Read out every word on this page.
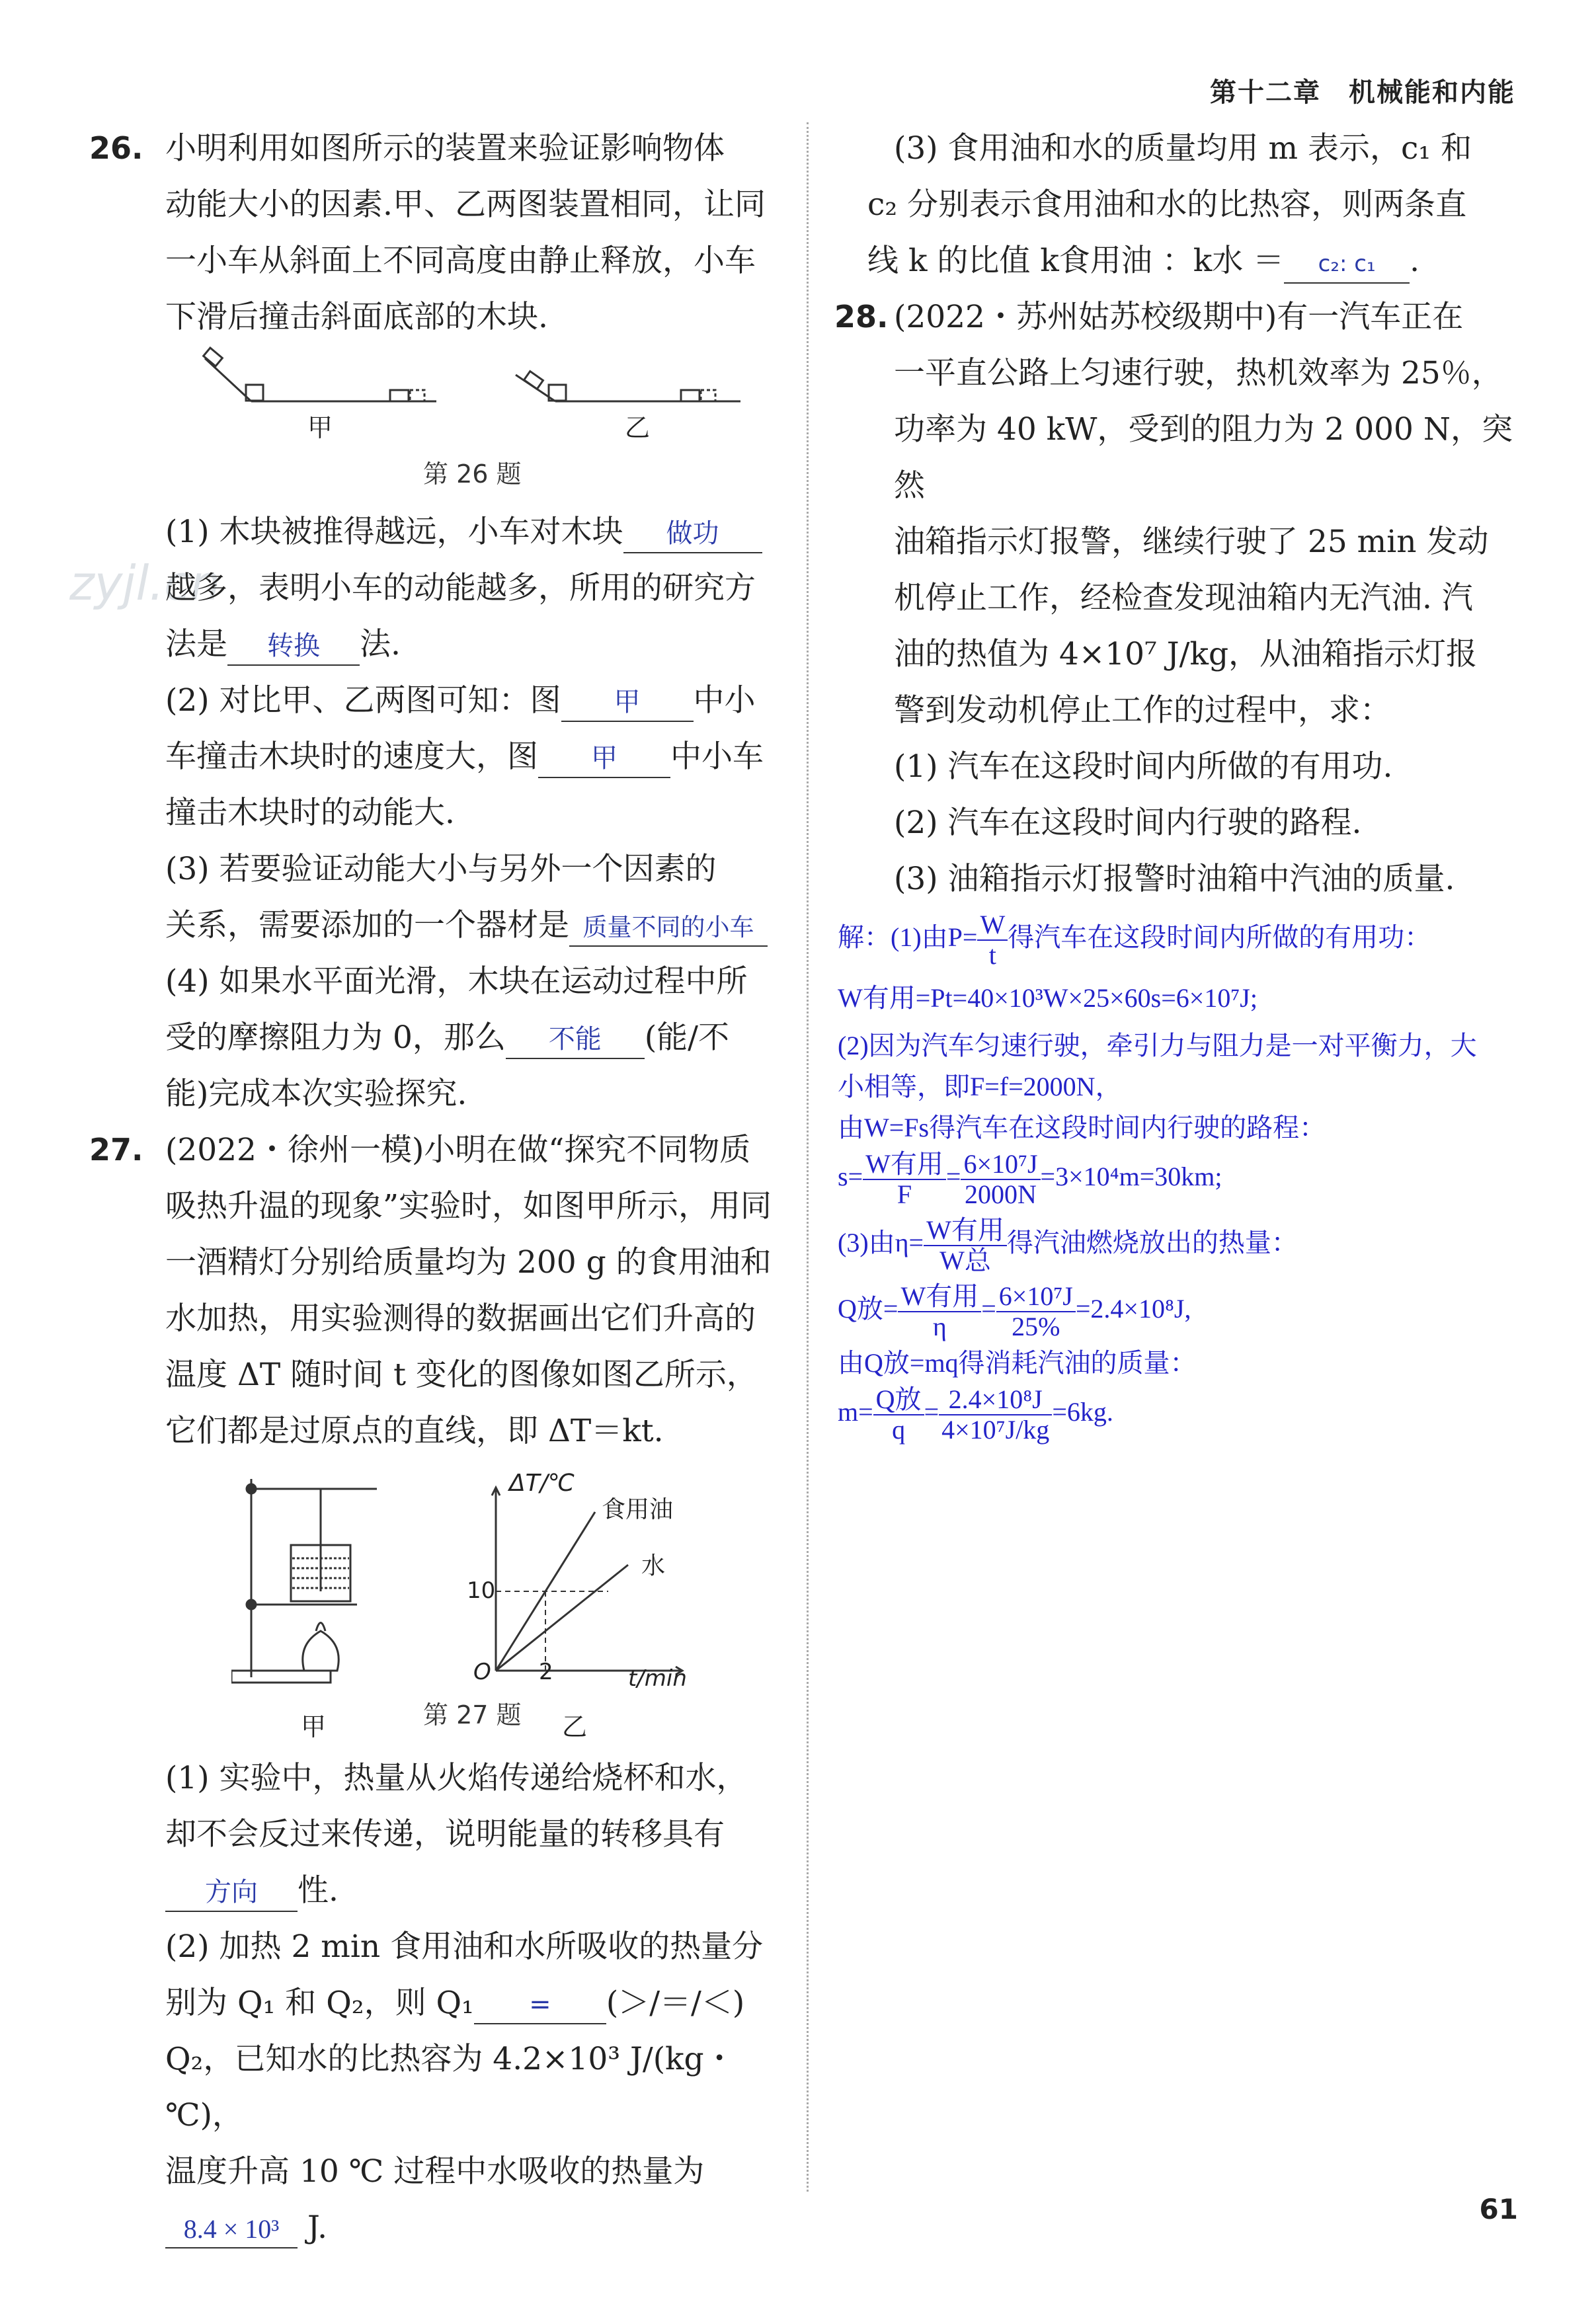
第十二章　机械能和内能
zyjl.cn
26. 小明利用如图所示的装置来验证影响物体

动能大小的因素.甲、乙两图装置相同，让同

一小车从斜面上不同高度由静止释放，小车

下滑后撞击斜面底部的木块.

甲	乙
第 26 题

(1) 木块被推得越远，小车对木块 做功

越多，表明小车的动能越多，所用的研究方

法是 转换 法.

(2) 对比甲、乙两图可知：图 甲 中小

车撞击木块时的速度大，图 甲 中小车

撞击木块时的动能大.

(3) 若要验证动能大小与另外一个因素的

关系，需要添加的一个器材是 质量不同的小车

(4) 如果水平面光滑，木块在运动过程中所

受的摩擦阻力为 0，那么 不能 (能/不

能)完成本次实验探究.

27. (2022・徐州一模)小明在做“探究不同物质

吸热升温的现象”实验时，如图甲所示，用同

一酒精灯分别给质量均为 200 g 的食用油和

水加热，用实验测得的数据画出它们升高的

温度 ΔT 随时间 t 变化的图像如图乙所示，

它们都是过原点的直线，即 ΔT＝kt.

甲
ΔT/℃
食用油
水
10
O 2	t/min
乙
第 27 题

(1) 实验中，热量从火焰传递给烧杯和水，

却不会反过来传递，说明能量的转移具有

方向 性.

(2) 加热 2 min 食用油和水所吸收的热量分

别为 Q₁ 和 Q₂，则 Q₁ = (＞/＝/＜)

Q₂，已知水的比热容为 4.2×10³ J/(kg・℃)，

温度升高 10 ℃ 过程中水吸收的热量为

8.4 × 10³ J.

(3) 食用油和水的质量均用 m 表示，c₁ 和

c₂ 分别表示食用油和水的比热容，则两条直

线 k 的比值 k食用油 ：k水 ＝ c₂: c₁ .

28. (2022・苏州姑苏校级期中)有一汽车正在

一平直公路上匀速行驶，热机效率为 25％，

功率为 40 kW，受到的阻力为 2 000 N，突然

油箱指示灯报警，继续行驶了 25 min 发动

机停止工作，经检查发现油箱内无汽油. 汽

油的热值为 4×10⁷ J/kg，从油箱指示灯报

警到发动机停止工作的过程中，求：

(1) 汽车在这段时间内所做的有用功.

(2) 汽车在这段时间内行驶的路程.

(3) 油箱指示灯报警时油箱中汽油的质量.

解：(1)由$P= \frac{W}{t}$ 得汽车在这段时间内所做的有用功：

W有用=Pt=40×10³W×25×60s=6×10⁷J;

(2)因为汽车匀速行驶，牵引力与阻力是一对平衡力，大

小相等，即F=f=2000N，

由W=Fs得汽车在这段时间内行驶的路程：

$s= \frac{\text{W有用}}{F} = \frac{\text{6×10⁷J}}{2000N} =3\times 10^4m=30km$;

(3)由$\eta= \frac{\text{W有用}}{\text{W总}}$ 得汽油燃烧放出的热量：

Q放= $\frac{\text{W有用}}{\eta} = \frac{\text{6×10⁷J}}{25\%} =2.4\times 10^8J$,

由Q放=mq得消耗汽油的质量：

$m= \frac{\text{Q放}}{q} = \frac{\text{2.4×10⁸J}}{\text{4×10⁷J/kg}} =6kg$.

61
